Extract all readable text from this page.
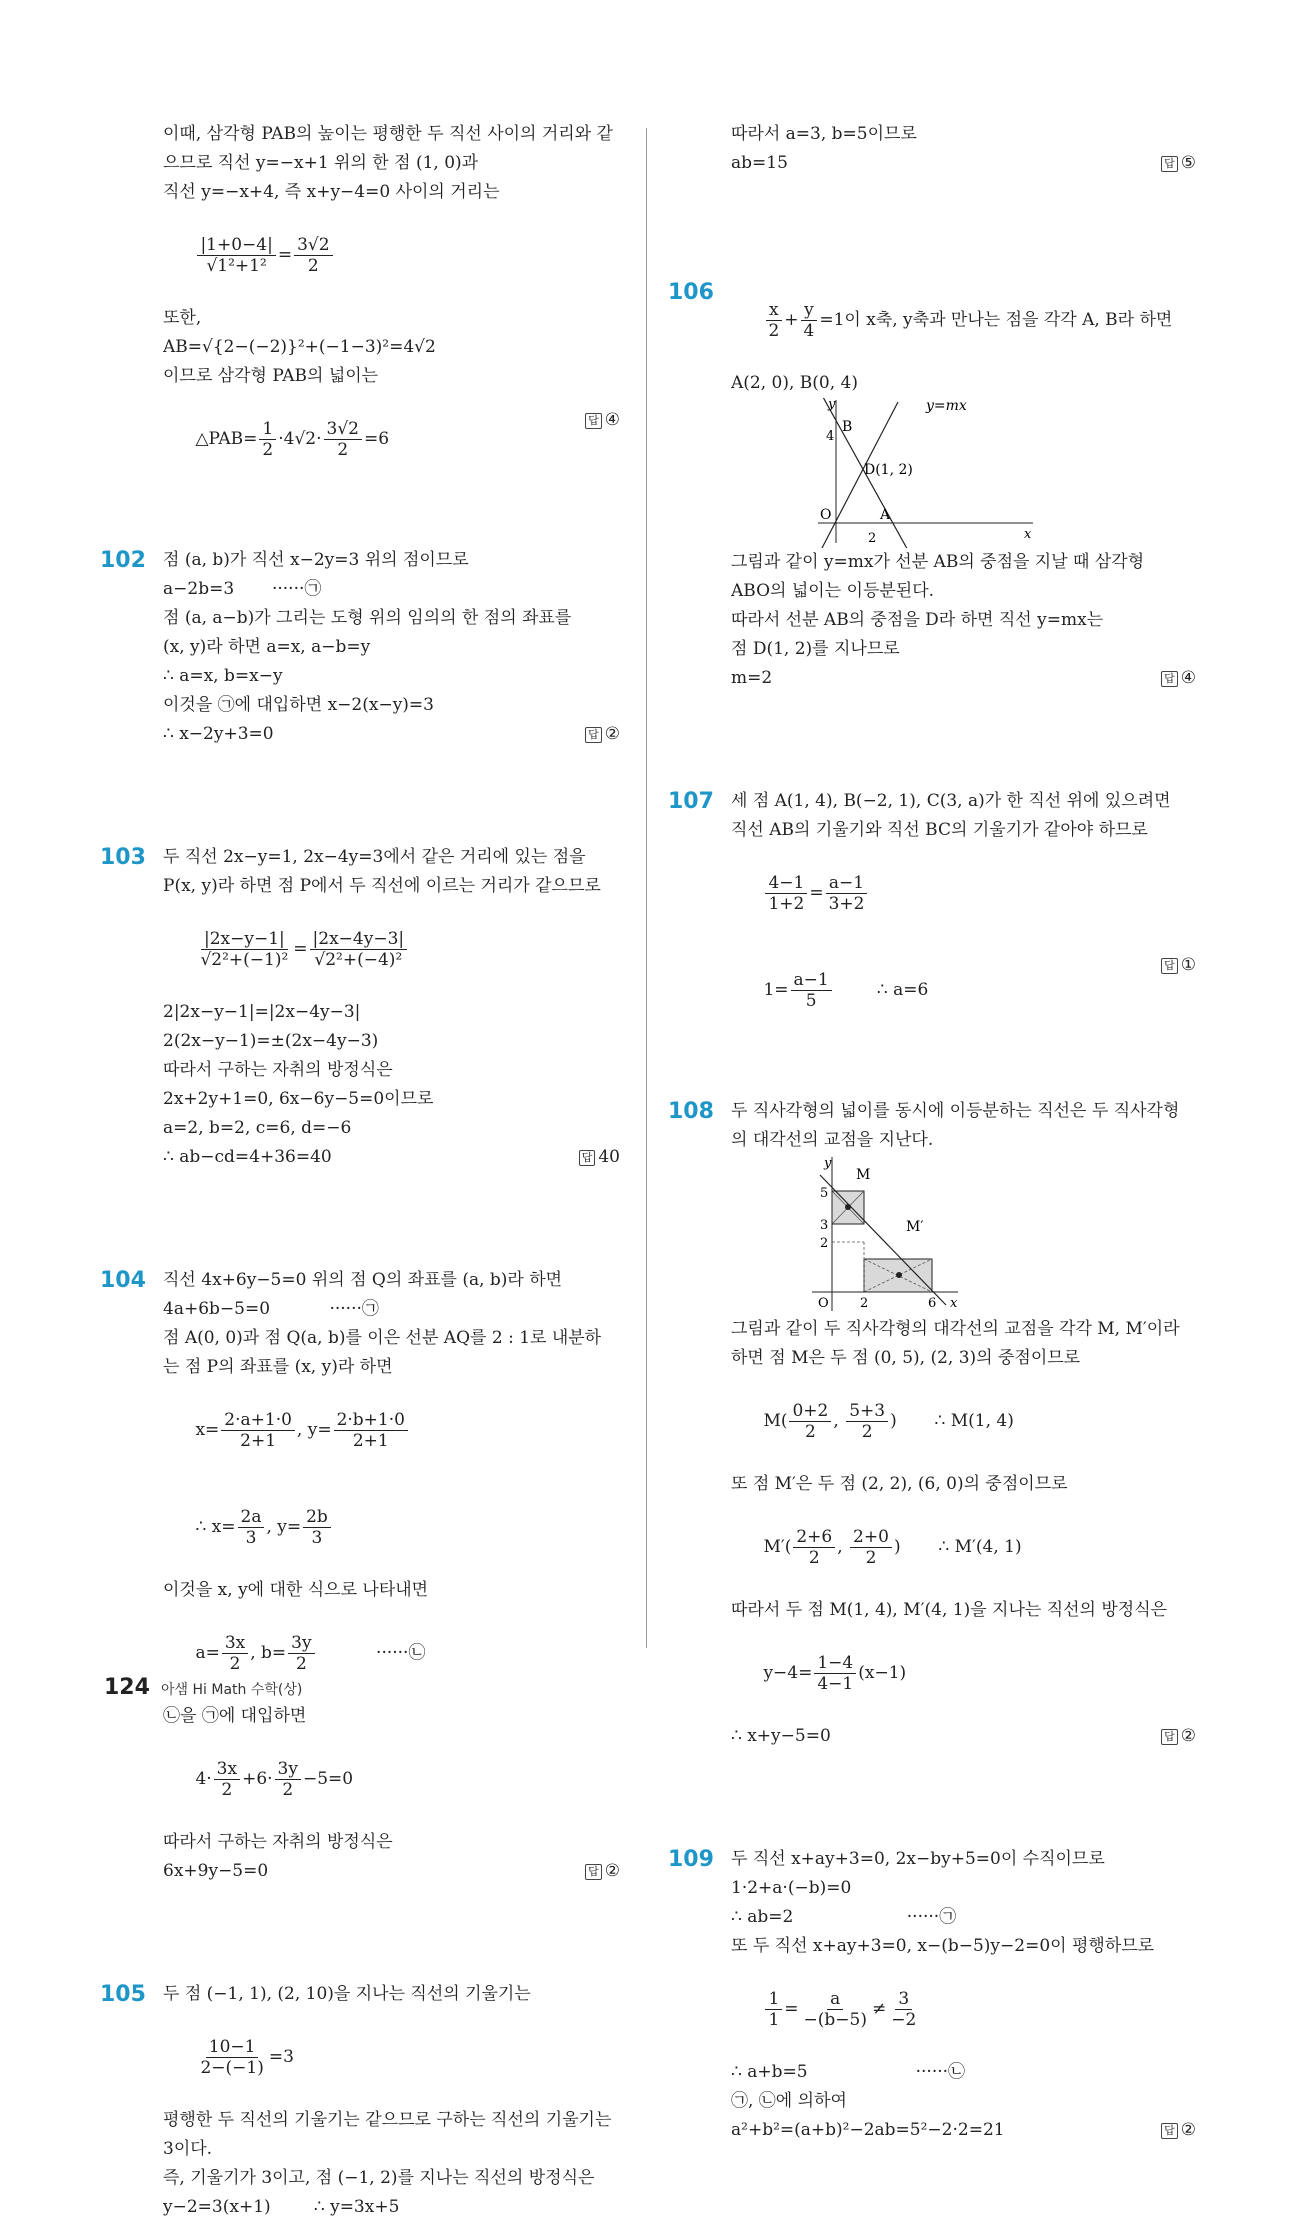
이때, 삼각형 PAB의 높이는 평행한 두 직선 사이의 거리와 같
으므로 직선 y=−x+1 위의 한 점 (1, 0)과
직선 y=−x+4, 즉 x+y−4=0 사이의 거리는

$\frac{|1+0-4|}{\text{√1²+1²}} = \frac{3√2}{2}$

또한,
AB=√{2−(−2)}²+(−1−3)²=4√2
이므로 삼각형 PAB의 넓이는

△PAB= $\frac{1}{2} \cdot 4√2\cdot \frac{3√2}{2} =6$

답 ④

102	점 (a, b)가 직선 x−2y=3 위의 점이므로
a−2b=3       ······㉠
점 (a, a−b)가 그리는 도형 위의 임의의 한 점의 좌표를
(x, y)라 하면 a=x, a−b=y
∴ a=x, b=x−y
이것을 ㉠에 대입하면 x−2(x−y)=3
∴ x−2y+3=0
	답 ②

103	두 직선 2x−y=1, 2x−4y=3에서 같은 거리에 있는 점을
P(x, y)라 하면 점 P에서 두 직선에 이르는 거리가 같으므로

$\frac{|2x-y-1|}{\text{√2²+(−1)²}} = \frac{|2x-4y-3|}{\text{√2²+(−4)²}}$

2|2x−y−1|=|2x−4y−3|
2(2x−y−1)=±(2x−4y−3)
따라서 구하는 자취의 방정식은
2x+2y+1=0, 6x−6y−5=0이므로
a=2, b=2, c=6, d=−6
∴ ab−cd=4+36=40
	답 40

104	직선 4x+6y−5=0 위의 점 Q의 좌표를 (a, b)라 하면
4a+6b−5=0           ······㉠
점 A(0, 0)과 점 Q(a, b)를 이은 선분 AQ를 2 : 1로 내분하
는 점 P의 좌표를 (x, y)라 하면

$x= \frac{2\cdot a+1\cdot 0}{2+1}$ , $y= \frac{2\cdot b+1\cdot 0}{2+1}$

∴ $x= \frac{2a}{3}$ , $y= \frac{2b}{3}$

이것을 x, y에 대한 식으로 나타내면

$a= \frac{3x}{2}$ , $b= \frac{3y}{2}$ ······㉡

㉡을 ㉠에 대입하면

$4\cdot \frac{3x}{2} +6\cdot \frac{3y}{2} -5=0$

따라서 구하는 자취의 방정식은
6x+9y−5=0
	답 ②

105	두 점 (−1, 1), (2, 10)을 지나는 직선의 기울기는

$\frac{10-1}{2-(-1)} =3$

평행한 두 직선의 기울기는 같으므로 구하는 직선의 기울기는
3이다.
즉, 기울기가 3이고, 점 (−1, 2)를 지나는 직선의 방정식은
y−2=3(x+1)        ∴ y=3x+5
따라서 a=3, b=5이므로
ab=15
	답 ⑤

106

$\frac{x}{2} + \frac{y}{4} =1$이 x축, y축과 만나는 점을 각각 A, B라 하면

A(2, 0), B(0, 4)
y=mx
y
x
B
4
D(1, 2)
O	A
2
그림과 같이 y=mx가 선분 AB의 중점을 지날 때 삼각형
ABO의 넓이는 이등분된다.
따라서 선분 AB의 중점을 D라 하면 직선 y=mx는
점 D(1, 2)를 지나므로
m=2
	답 ④

107	세 점 A(1, 4), B(−2, 1), C(3, a)가 한 직선 위에 있으려면
직선 AB의 기울기와 직선 BC의 기울기가 같아야 하므로

$\frac{4-1}{1+2} = \frac{a-1}{3+2}$

$1= \frac{a-1}{5}$ ∴ a=6

답 ①

108	두 직사각형의 넓이를 동시에 이등분하는 직선은 두 직사각형
의 대각선의 교점을 지난다.
y
x
M
M′
5
3
2
O 2	6
그림과 같이 두 직사각형의 대각선의 교점을 각각 M, M′이라
하면 점 M은 두 점 (0, 5), (2, 3)의 중점이므로

$M( \frac{0+2}{2}$ , $\frac{5+3}{2}$ )       ∴ M(1, 4)

또 점 M′은 두 점 (2, 2), (6, 0)의 중점이므로

$M'( \frac{2+6}{2}$ , $\frac{2+0}{2}$ )       ∴ M′(4, 1)

따라서 두 점 M(1, 4), M′(4, 1)을 지나는 직선의 방정식은

$y-4= \frac{1-4}{4-1} (x-1)$

∴ x+y−5=0
	답 ②

109	두 직선 x+ay+3=0, 2x−by+5=0이 수직이므로
1·2+a·(−b)=0
∴ ab=2                     ······㉠
또 두 직선 x+ay+3=0, x−(b−5)y−2=0이 평행하므로

$\frac{1}{1} = \frac{a}{-(b-5)} \ne \frac{3}{-2}$

∴ a+b=5                    ······㉡
㉠, ㉡에 의하여
a²+b²=(a+b)²−2ab=5²−2·2=21
	답 ②

124 아샘 Hi Math 수학(상)
